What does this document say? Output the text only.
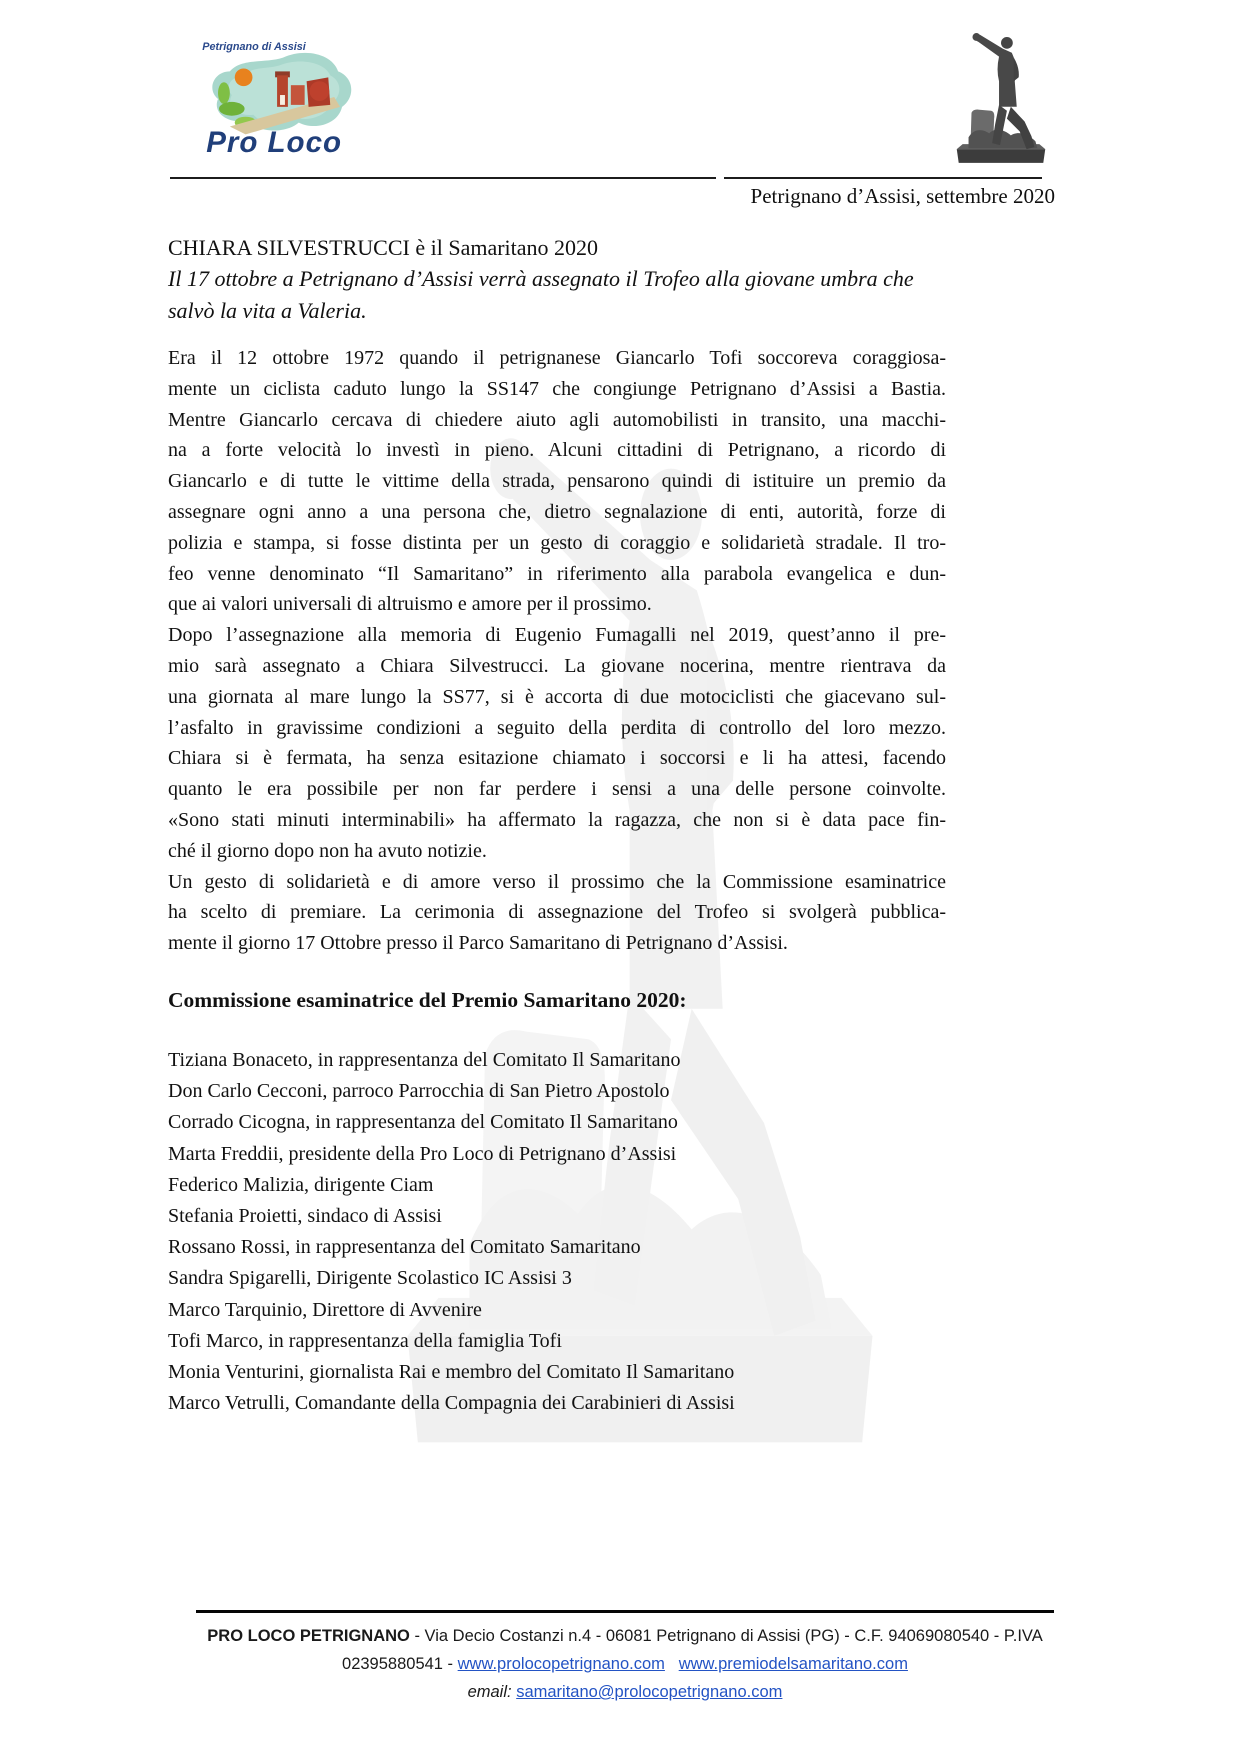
Petrignano di Assisi
Pro Loco
Petrignano d’Assisi, settembre 2020
CHIARA SILVESTRUCCI è il Samaritano 2020
Il 17 ottobre a Petrignano d’Assisi verrà assegnato il Trofeo alla giovane umbra che
salvò la vita a Valeria.
Era il 12 ottobre 1972 quando il petrignanese Giancarlo Tofi soccoreva coraggiosa-
mente un ciclista caduto lungo la SS147 che congiunge Petrignano d’Assisi a Bastia.
Mentre Giancarlo cercava di chiedere aiuto agli automobilisti in transito, una macchi-
na a forte velocità lo investì in pieno. Alcuni cittadini di Petrignano, a ricordo di
Giancarlo e di tutte le vittime della strada, pensarono quindi di istituire un premio da
assegnare ogni anno a una persona che, dietro segnalazione di enti, autorità, forze di
polizia e stampa, si fosse distinta per un gesto di coraggio e solidarietà stradale. Il tro-
feo venne denominato “Il Samaritano” in riferimento alla parabola evangelica e dun-
que ai valori universali di altruismo e amore per il prossimo.
Dopo l’assegnazione alla memoria di Eugenio Fumagalli nel 2019, quest’anno il pre-
mio sarà assegnato a Chiara Silvestrucci. La giovane nocerina, mentre rientrava da
una giornata al mare lungo la SS77, si è accorta di due motociclisti che giacevano sul-
l’asfalto in gravissime condizioni a seguito della perdita di controllo del loro mezzo.
Chiara si è fermata, ha senza esitazione chiamato i soccorsi e li ha attesi, facendo
quanto le era possibile per non far perdere i sensi a una delle persone coinvolte.
«Sono stati minuti interminabili» ha affermato la ragazza, che non si è data pace fin-
ché il giorno dopo non ha avuto notizie.
Un gesto di solidarietà e di amore verso il prossimo che la Commissione esaminatrice
ha scelto di premiare. La cerimonia di assegnazione del Trofeo si svolgerà pubblica-
mente il giorno 17 Ottobre presso il Parco Samaritano di Petrignano d’Assisi.
Commissione esaminatrice del Premio Samaritano 2020:
Tiziana Bonaceto, in rappresentanza del Comitato Il Samaritano
Don Carlo Cecconi, parroco Parrocchia di San Pietro Apostolo
Corrado Cicogna, in rappresentanza del Comitato Il Samaritano
Marta Freddii, presidente della Pro Loco di Petrignano d’Assisi
Federico Malizia, dirigente Ciam
Stefania Proietti, sindaco di Assisi
Rossano Rossi, in rappresentanza del Comitato Samaritano
Sandra Spigarelli, Dirigente Scolastico IC Assisi 3
Marco Tarquinio, Direttore di Avvenire
Tofi Marco, in rappresentanza della famiglia Tofi
Monia Venturini, giornalista Rai e membro del Comitato Il Samaritano
Marco Vetrulli, Comandante della Compagnia dei Carabinieri di Assisi
PRO LOCO PETRIGNANO - Via Decio Costanzi n.4 - 06081 Petrignano di Assisi (PG) - C.F. 94069080540 - P.IVA
02395880541 - www.prolocopetrignano.com www.premiodelsamaritano.com
email: samaritano@prolocopetrignano.com
